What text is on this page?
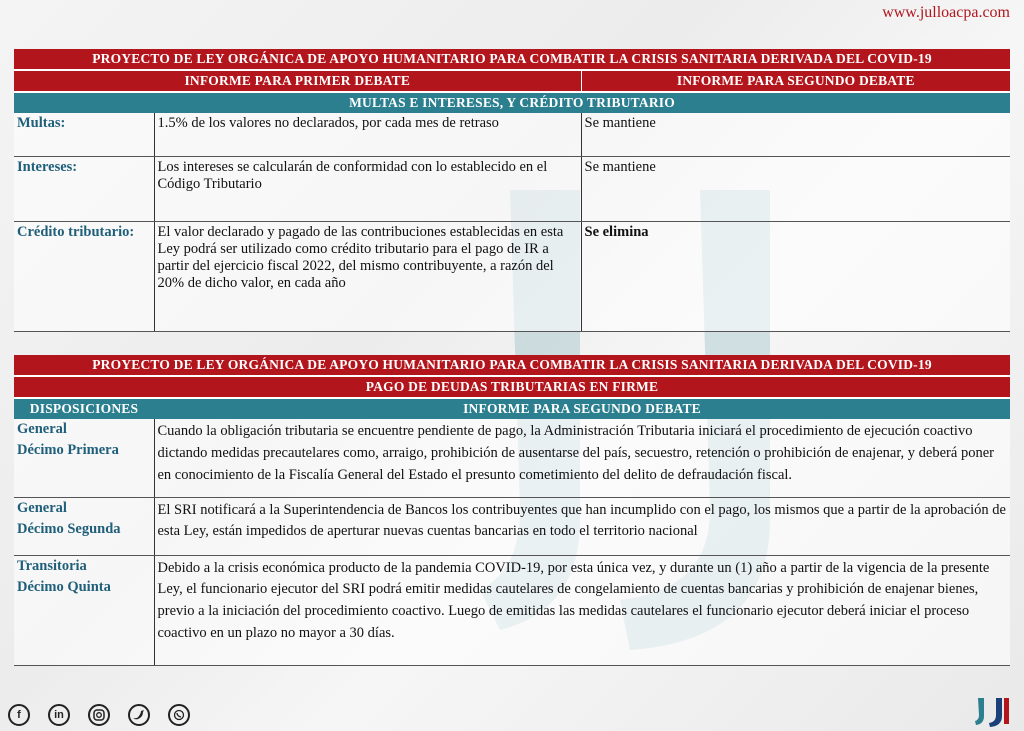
www.julloacpa.com
PROYECTO DE LEY ORGÁNICA DE APOYO HUMANITARIO PARA COMBATIR LA CRISIS SANITARIA DERIVADA DEL COVID-19		
INFORME PARA PRIMER DEBATE		INFORME PARA SEGUNDO DEBATE
MULTAS E INTERESES, Y CRÉDITO TRIBUTARIO		
Multas:	1.5% de los valores no declarados, por cada mes de retraso	Se mantiene
Intereses:	Los intereses se calcularán de conformidad con lo establecido en el Código Tributario	Se mantiene
Crédito tributario:	El valor declarado y pagado de las contribuciones establecidas en esta Ley podrá ser utilizado como crédito tributario para el pago de IR a partir del ejercicio fiscal 2022, del mismo contribuyente, a razón del 20% de dicho valor, en cada año	Se elimina
PROYECTO DE LEY ORGÁNICA DE APOYO HUMANITARIO PARA COMBATIR LA CRISIS SANITARIA DERIVADA DEL COVID-19	
PAGO DE DEUDAS TRIBUTARIAS EN FIRME	
DISPOSICIONES	INFORME PARA SEGUNDO DEBATE

General
Décimo Primera	Cuando la obligación tributaria se encuentre pendiente de pago, la Administración Tributaria iniciará el procedimiento de ejecución coactivo dictando medidas precautelares como, arraigo, prohibición de ausentarse del país, secuestro, retención o prohibición de enajenar, y deberá poner en conocimiento de la Fiscalía General del Estado el presunto cometimiento del delito de defraudación fiscal.

General
Décimo Segunda	El SRI notificará a la Superintendencia de Bancos los contribuyentes que han incumplido con el pago, los mismos que a partir de la aprobación de esta Ley, están impedidos de aperturar nuevas cuentas bancarias en todo el territorio nacional

Transitoria
Décimo Quinta	Debido a la crisis económica producto de la pandemia COVID-19, por esta única vez, y durante un (1) año a partir de la vigencia de la presente Ley, el funcionario ejecutor del SRI podrá emitir medidas cautelares de congelamiento de cuentas bancarias y prohibición de enajenar bienes, previo a la iniciación del procedimiento coactivo. Luego de emitidas las medidas cautelares el funcionario ejecutor deberá iniciar el proceso coactivo en un plazo no mayor a 30 días.
f	in
